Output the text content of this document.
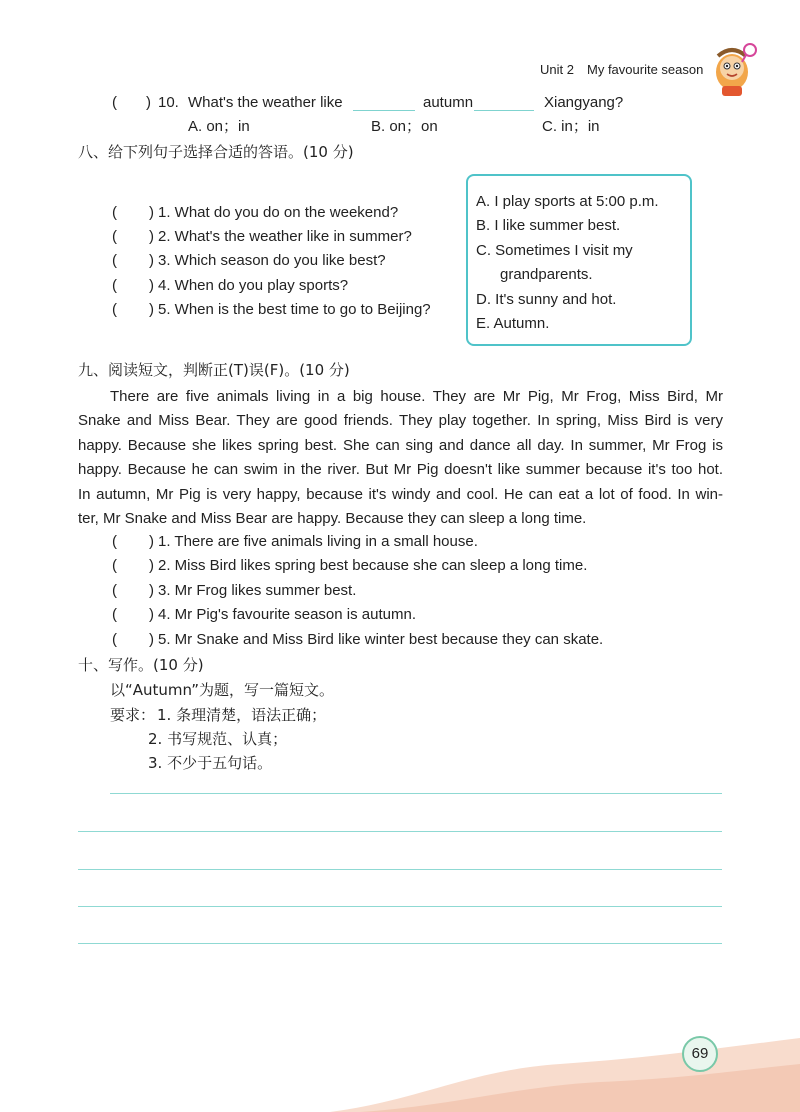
Unit 2 My favourite season
( ) 10. What's the weather like	autumn	Xiangyang?
A. on；in	B. on；on	C. in；in
八、给下列句子选择合适的答语。(10 分)
( ) 1. What do you do on the weekend?
( ) 2. What's the weather like in summer?
( ) 3. Which season do you like best?
( ) 4. When do you play sports?
( ) 5. When is the best time to go to Beijing?
A. I play sports at 5:00 p.m.
B. I like summer best.
C. Sometimes I visit my
grandparents.
D. It's sunny and hot.
E. Autumn.
九、阅读短文，判断正(T)误(F)。(10 分)
There are five animals living in a big house. They are Mr Pig, Mr Frog, Miss Bird, Mr
Snake and Miss Bear. They are good friends. They play together. In spring, Miss Bird is very
happy. Because she likes spring best. She can sing and dance all day. In summer, Mr Frog is
happy. Because he can swim in the river. But Mr Pig doesn't like summer because it's too hot.
In autumn, Mr Pig is very happy, because it's windy and cool. He can eat a lot of food. In win-
ter, Mr Snake and Miss Bear are happy. Because they can sleep a long time.
( ) 1. There are five animals living in a small house.
( ) 2. Miss Bird likes spring best because she can sleep a long time.
( ) 3. Mr Frog likes summer best.
( ) 4. Mr Pig's favourite season is autumn.
( ) 5. Mr Snake and Miss Bird like winter best because they can skate.
十、写作。(10 分)
以“Autumn”为题，写一篇短文。
要求： 1. 条理清楚，语法正确；
2. 书写规范、认真；
3. 不少于五句话。
69
